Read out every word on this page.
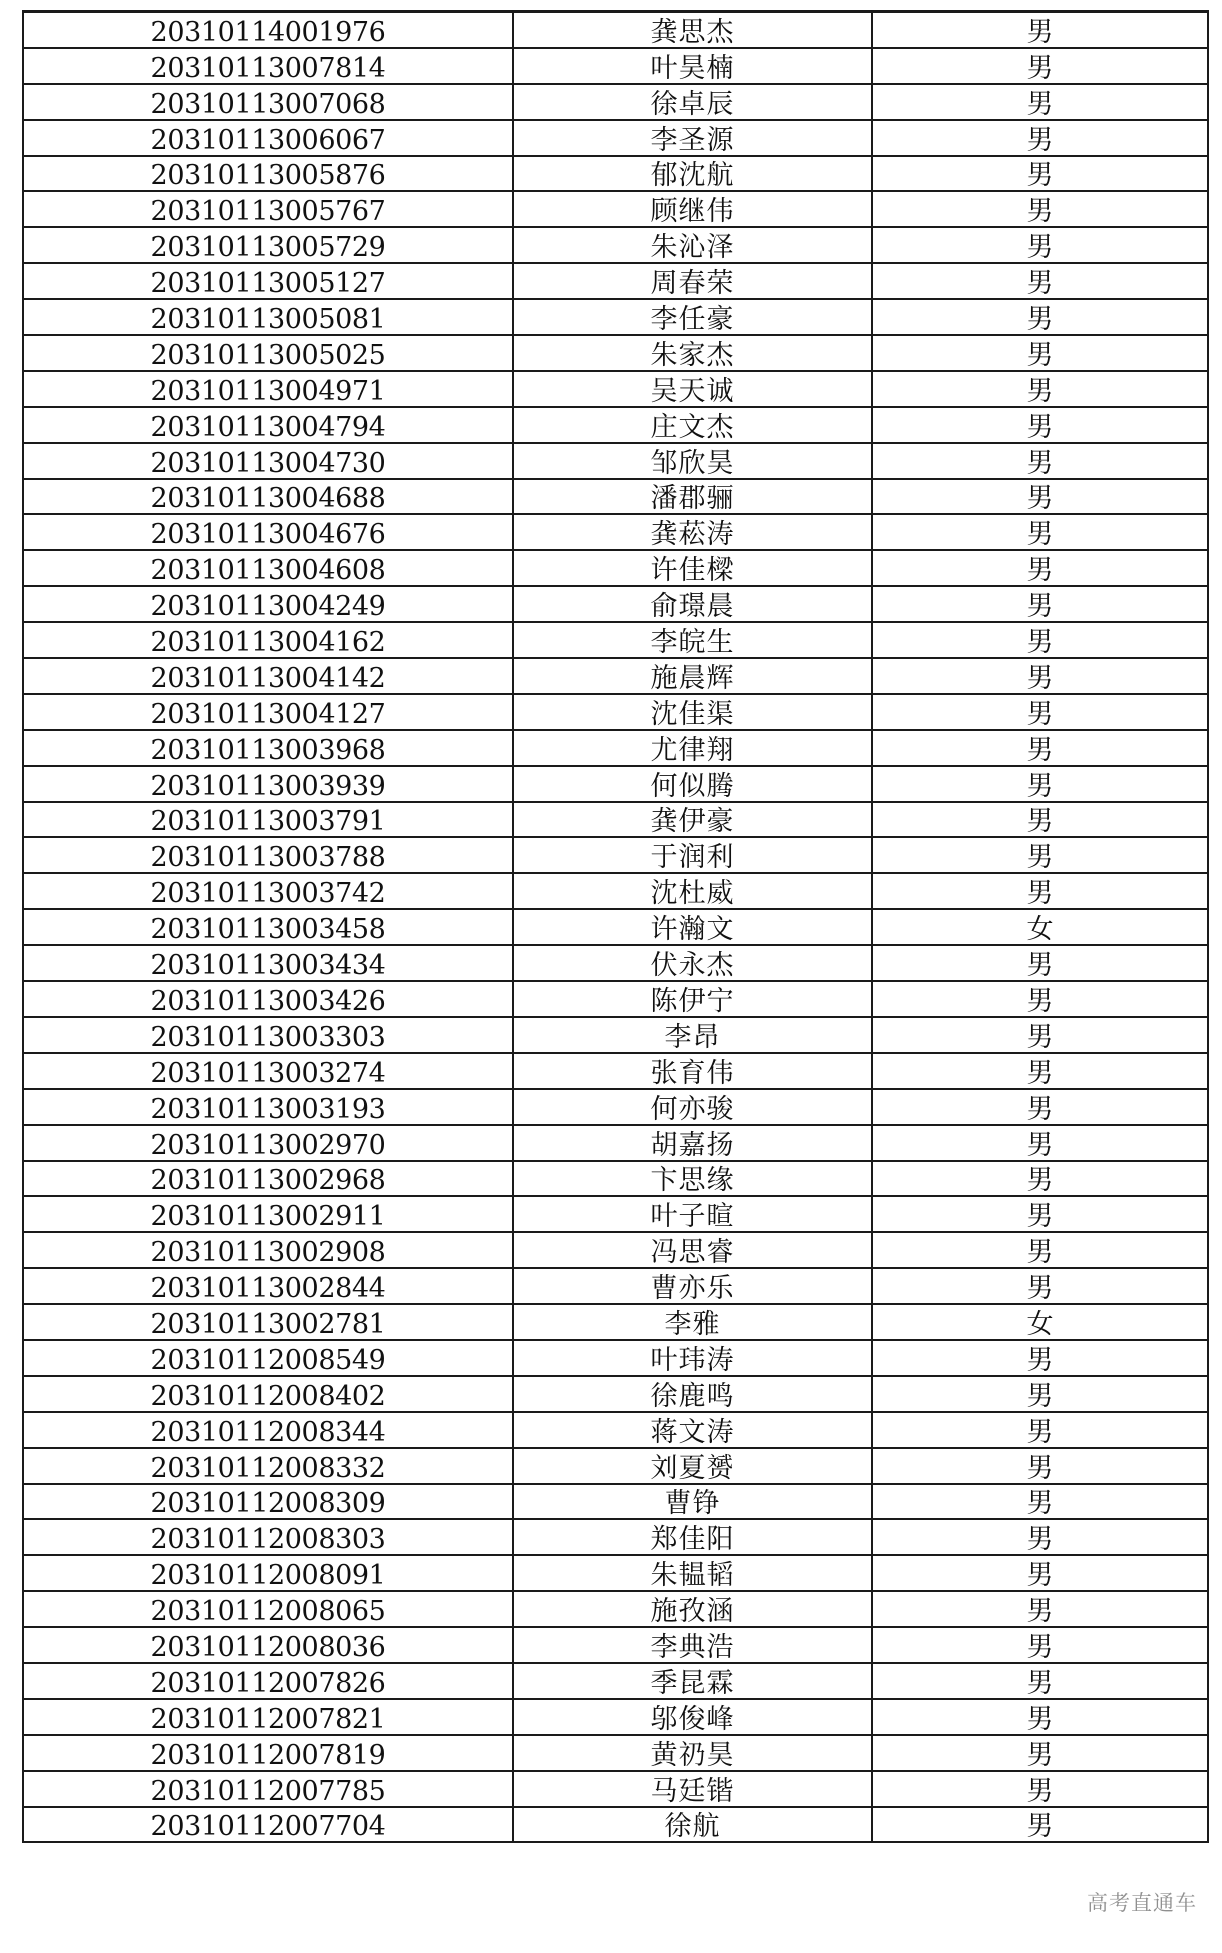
20310114001976	龚思杰	男
20310113007814	叶昊楠	男
20310113007068	徐卓辰	男
20310113006067	李圣源	男
20310113005876	郁沈航	男
20310113005767	顾继伟	男
20310113005729	朱沁泽	男
20310113005127	周春荣	男
20310113005081	李任豪	男
20310113005025	朱家杰	男
20310113004971	吴天诚	男
20310113004794	庄文杰	男
20310113004730	邹欣昊	男
20310113004688	潘郡骊	男
20310113004676	龚菘涛	男
20310113004608	许佳樑	男
20310113004249	俞璟晨	男
20310113004162	李皖生	男
20310113004142	施晨辉	男
20310113004127	沈佳渠	男
20310113003968	尤律翔	男
20310113003939	何似腾	男
20310113003791	龚伊豪	男
20310113003788	于润利	男
20310113003742	沈杜威	男
20310113003458	许瀚文	女
20310113003434	伏永杰	男
20310113003426	陈伊宁	男
20310113003303	李昂	男
20310113003274	张育伟	男
20310113003193	何亦骏	男
20310113002970	胡嘉扬	男
20310113002968	卞思缘	男
20310113002911	叶子暄	男
20310113002908	冯思睿	男
20310113002844	曹亦乐	男
20310113002781	李雅	女
20310112008549	叶玮涛	男
20310112008402	徐鹿鸣	男
20310112008344	蒋文涛	男
20310112008332	刘夏赟	男
20310112008309	曹铮	男
20310112008303	郑佳阳	男
20310112008091	朱韫韬	男
20310112008065	施孜涵	男
20310112008036	李典浩	男
20310112007826	季昆霖	男
20310112007821	邬俊峰	男
20310112007819	黄礽昊	男
20310112007785	马廷锴	男
20310112007704	徐航	男
高考直通车
